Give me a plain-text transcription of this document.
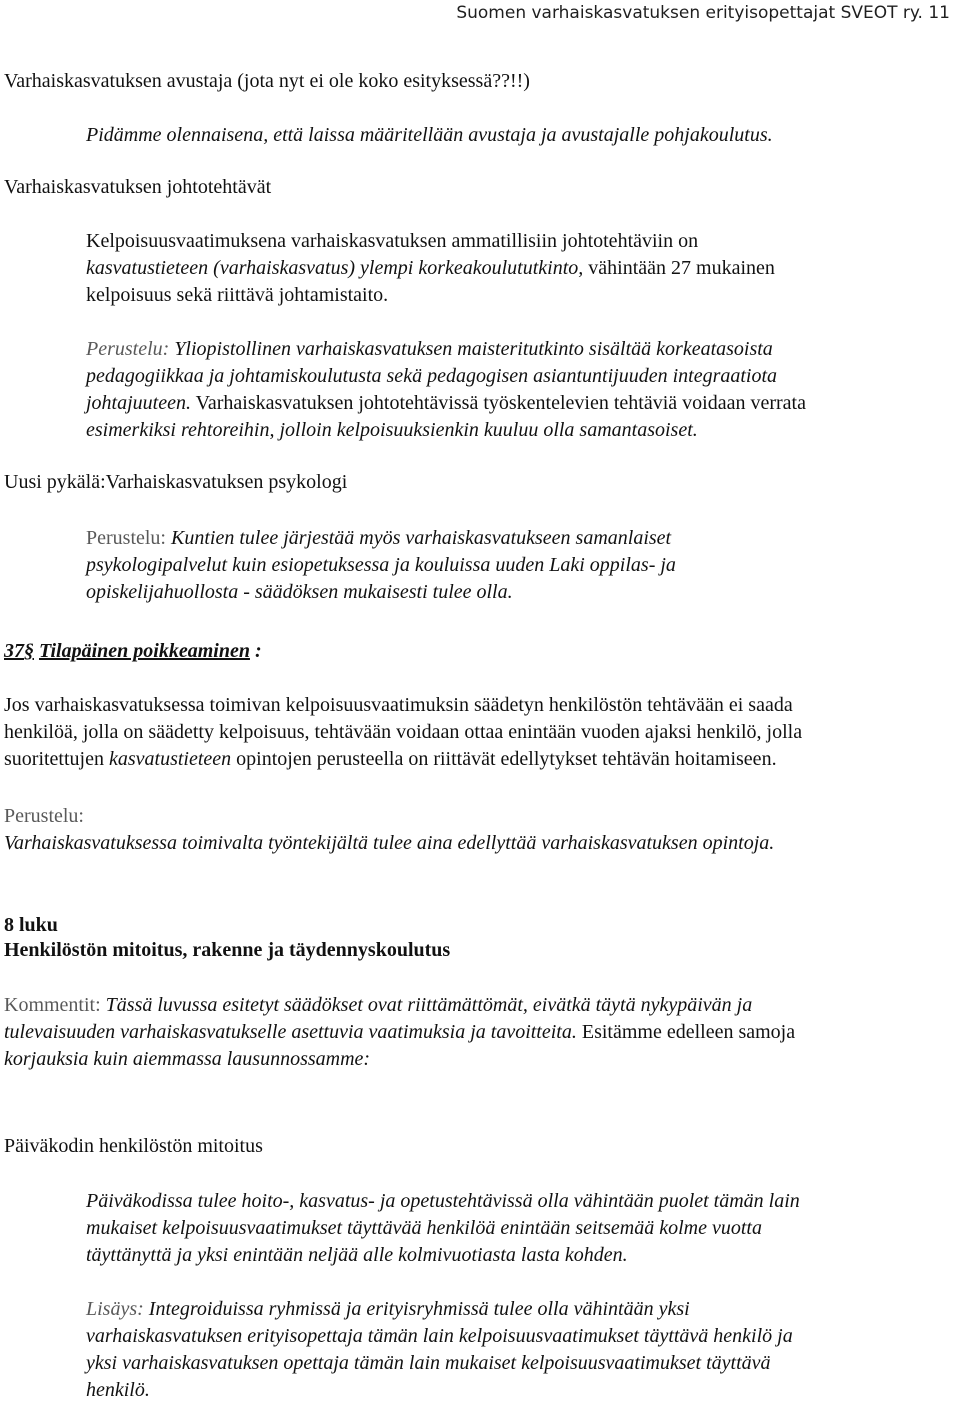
Suomen varhaiskasvatuksen erityisopettajat SVEOT ry. 11

Varhaiskasvatuksen avustaja (jota nyt ei ole koko esityksessä??!!)

Pidämme olennaisena, että laissa määritellään avustaja ja avustajalle pohjakoulutus.

Varhaiskasvatuksen johtotehtävät

Kelpoisuusvaatimuksena varhaiskasvatuksen ammatillisiin johtotehtäviin on

kasvatustieteen (varhaiskasvatus) ylempi korkeakoulututkinto, vähintään 27 mukainen

kelpoisuus sekä riittävä johtamistaito.

Perustelu: Yliopistollinen varhaiskasvatuksen maisteritutkinto sisältää korkeatasoista

pedagogiikkaa ja johtamiskoulutusta sekä pedagogisen asiantuntijuuden integraatiota

johtajuuteen. Varhaiskasvatuksen johtotehtävissä työskentelevien tehtäviä voidaan verrata

esimerkiksi rehtoreihin, jolloin kelpoisuuksienkin kuuluu olla samantasoiset.

Uusi pykälä:Varhaiskasvatuksen psykologi

Perustelu: Kuntien tulee järjestää myös varhaiskasvatukseen samanlaiset

psykologipalvelut kuin esiopetuksessa ja kouluissa uuden Laki oppilas- ja

opiskelijahuollosta - säädöksen mukaisesti tulee olla.

37§ Tilapäinen poikkeaminen :

Jos varhaiskasvatuksessa toimivan kelpoisuusvaatimuksin säädetyn henkilöstön tehtävään ei saada

henkilöä, jolla on säädetty kelpoisuus, tehtävään voidaan ottaa enintään vuoden ajaksi henkilö, jolla

suoritettujen kasvatustieteen opintojen perusteella on riittävät edellytykset tehtävän hoitamiseen.

Perustelu:

Varhaiskasvatuksessa toimivalta työntekijältä tulee aina edellyttää varhaiskasvatuksen opintoja.

8 luku

Henkilöstön mitoitus, rakenne ja täydennyskoulutus

Kommentit: Tässä luvussa esitetyt säädökset ovat riittämättömät, eivätkä täytä nykypäivän ja

tulevaisuuden varhaiskasvatukselle asettuvia vaatimuksia ja tavoitteita. Esitämme edelleen samoja

korjauksia kuin aiemmassa lausunnossamme:

Päiväkodin henkilöstön mitoitus

Päiväkodissa tulee hoito-, kasvatus- ja opetustehtävissä olla vähintään puolet tämän lain

mukaiset kelpoisuusvaatimukset täyttävää henkilöä enintään seitsemää kolme vuotta

täyttänyttä ja yksi enintään neljää alle kolmivuotiasta lasta kohden.

Lisäys: Integroiduissa ryhmissä ja erityisryhmissä tulee olla vähintään yksi

varhaiskasvatuksen erityisopettaja tämän lain kelpoisuusvaatimukset täyttävä henkilö ja

yksi varhaiskasvatuksen opettaja tämän lain mukaiset kelpoisuusvaatimukset täyttävä

henkilö.
